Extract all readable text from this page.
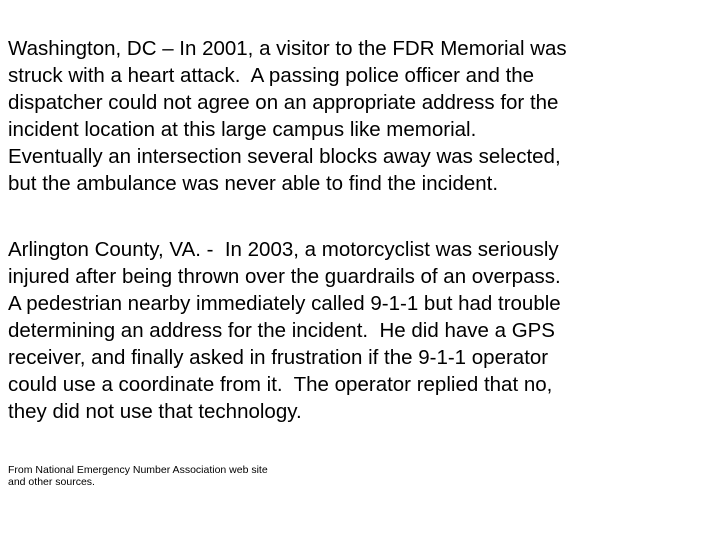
Washington, DC – In 2001, a visitor to the FDR Memorial was
struck with a heart attack.  A passing police officer and the
dispatcher could not agree on an appropriate address for the
incident location at this large campus like memorial.
Eventually an intersection several blocks away was selected,
but the ambulance was never able to find the incident.

Arlington County, VA. -  In 2003, a motorcyclist was seriously
injured after being thrown over the guardrails of an overpass.
A pedestrian nearby immediately called 9-1-1 but had trouble
determining an address for the incident.  He did have a GPS
receiver, and finally asked in frustration if the 9-1-1 operator
could use a coordinate from it.  The operator replied that no,
they did not use that technology.

From National Emergency Number Association web site
and other sources.
